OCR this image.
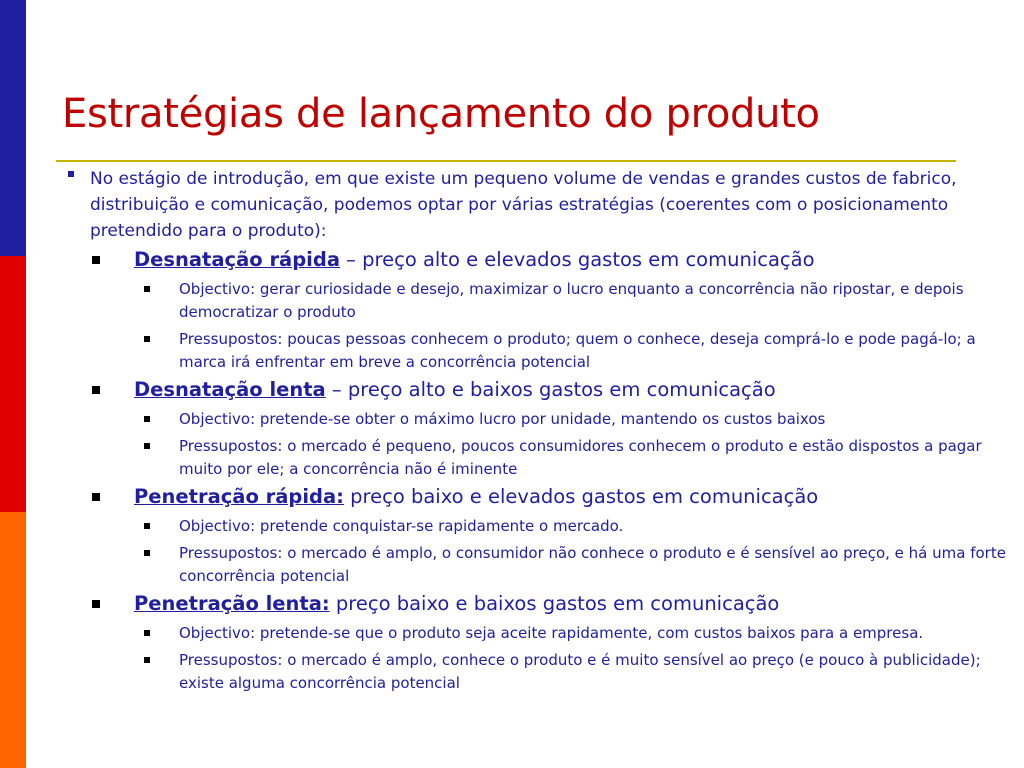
Estratégias de lançamento do produto
No estágio de introdução, em que existe um pequeno volume de vendas e grandes custos de fabrico, distribuição e comunicação, podemos optar por várias estratégias (coerentes com o posicionamento pretendido para o produto):
Desnatação rápida – preço alto e elevados gastos em comunicação
Objectivo: gerar curiosidade e desejo, maximizar o lucro enquanto a concorrência não ripostar, e depois democratizar o produto
Pressupostos: poucas pessoas conhecem o produto; quem o conhece, deseja comprá-lo e pode pagá-lo; a marca irá enfrentar em breve a concorrência potencial
Desnatação lenta – preço alto e baixos gastos em comunicação
Objectivo: pretende-se obter o máximo lucro por unidade, mantendo os custos baixos
Pressupostos: o mercado é pequeno, poucos consumidores conhecem o produto e estão dispostos a pagar muito por ele; a concorrência não é iminente
Penetração rápida: preço baixo e elevados gastos em comunicação
Objectivo: pretende conquistar-se rapidamente o mercado.
Pressupostos: o mercado é amplo, o consumidor não conhece o produto e é sensível ao preço, e há uma forte concorrência potencial
Penetração lenta: preço baixo e baixos gastos em comunicação
Objectivo: pretende-se que o produto seja aceite rapidamente, com custos baixos para a empresa.
Pressupostos: o mercado é amplo, conhece o produto e é muito sensível ao preço (e pouco à publicidade); existe alguma concorrência potencial
